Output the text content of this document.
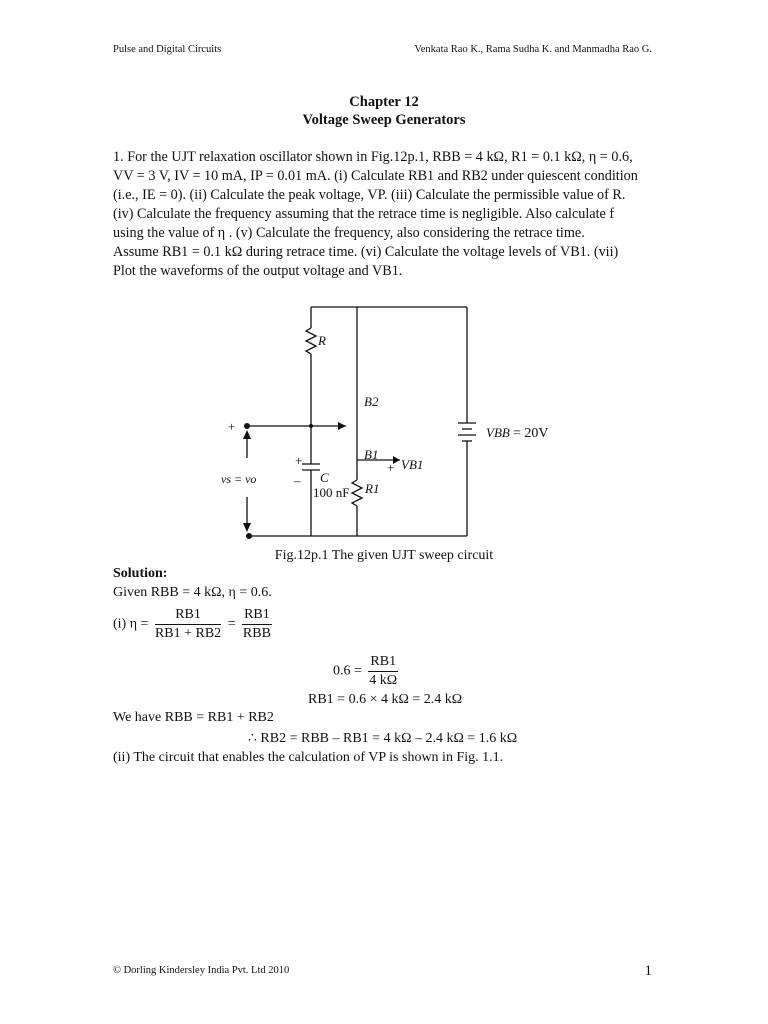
Pulse and Digital Circuits	Venkata Rao K., Rama Sudha K. and Manmadha Rao G.
Chapter 12
Voltage Sweep Generators

1. For the UJT relaxation oscillator shown in Fig.12p.1, RBB = 4 kΩ, R1 = 0.1 kΩ, η = 0.6,

VV = 3 V, IV = 10 mA, IP = 0.01 mA. (i) Calculate RB1 and RB2 under quiescent condition

(i.e., IE = 0). (ii) Calculate the peak voltage, VP. (iii) Calculate the permissible value of R.

(iv) Calculate the frequency assuming that the retrace time is negligible. Also calculate f

using the value of η . (v) Calculate the frequency, also considering the retrace time.

Assume RB1 = 0.1 kΩ during retrace time. (vi) Calculate the voltage levels of VB1. (vii)

Plot the waveforms of the output voltage and VB1.

R
B2
B1
+ VB1
C
100 nF R1
vs = vo
VBB = 20V
+
+
–
Fig.12p.1 The given UJT sweep circuit
Solution:
Given RBB = 4 kΩ, η = 0.6.
(i) $\eta = \frac{RB1}{RB1 + RB2} = \frac{RB1}{\text{RBB}}$
$0.6 = \frac{RB1}{4 k\Omega}$
RB1 = 0.6 × 4 kΩ = 2.4 kΩ
We have RBB = RB1 + RB2
∴ RB2 = RBB – RB1 = 4 kΩ – 2.4 kΩ = 1.6 kΩ
(ii) The circuit that enables the calculation of VP is shown in Fig. 1.1.
© Dorling Kindersley India Pvt. Ltd 2010	1
